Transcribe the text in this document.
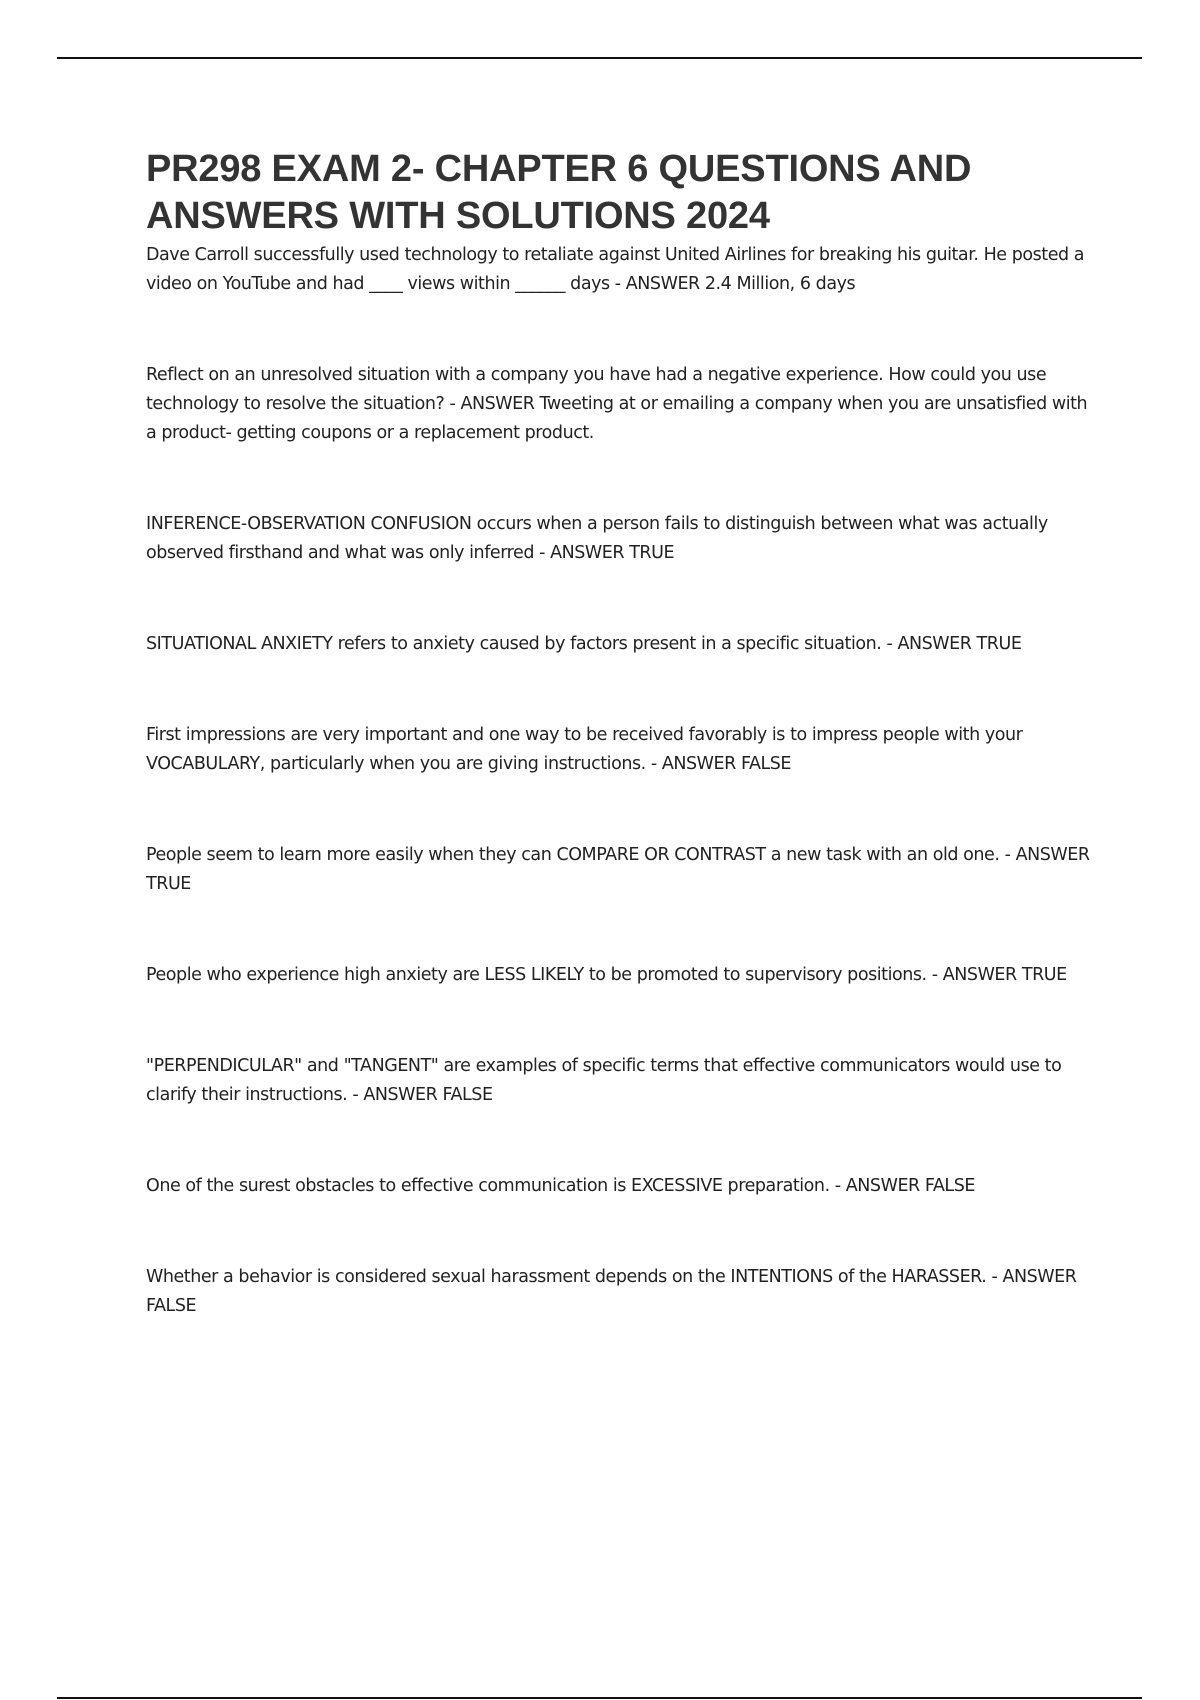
PR298 EXAM 2- CHAPTER 6 QUESTIONS AND ANSWERS WITH SOLUTIONS 2024
Dave Carroll successfully used technology to retaliate against United Airlines for breaking his guitar. He posted a video on YouTube and had ____ views within ______ days - ANSWER 2.4 Million, 6 days
Reflect on an unresolved situation with a company you have had a negative experience. How could you use technology to resolve the situation? - ANSWER Tweeting at or emailing a company when you are unsatisfied with a product- getting coupons or a replacement product.
INFERENCE-OBSERVATION CONFUSION occurs when a person fails to distinguish between what was actually observed firsthand and what was only inferred - ANSWER TRUE
SITUATIONAL ANXIETY refers to anxiety caused by factors present in a specific situation. - ANSWER TRUE
First impressions are very important and one way to be received favorably is to impress people with your VOCABULARY, particularly when you are giving instructions. - ANSWER FALSE
People seem to learn more easily when they can COMPARE OR CONTRAST a new task with an old one. - ANSWER TRUE
People who experience high anxiety are LESS LIKELY to be promoted to supervisory positions. - ANSWER TRUE
"PERPENDICULAR" and "TANGENT" are examples of specific terms that effective communicators would use to clarify their instructions. - ANSWER FALSE
One of the surest obstacles to effective communication is EXCESSIVE preparation. - ANSWER FALSE
Whether a behavior is considered sexual harassment depends on the INTENTIONS of the HARASSER. - ANSWER FALSE
